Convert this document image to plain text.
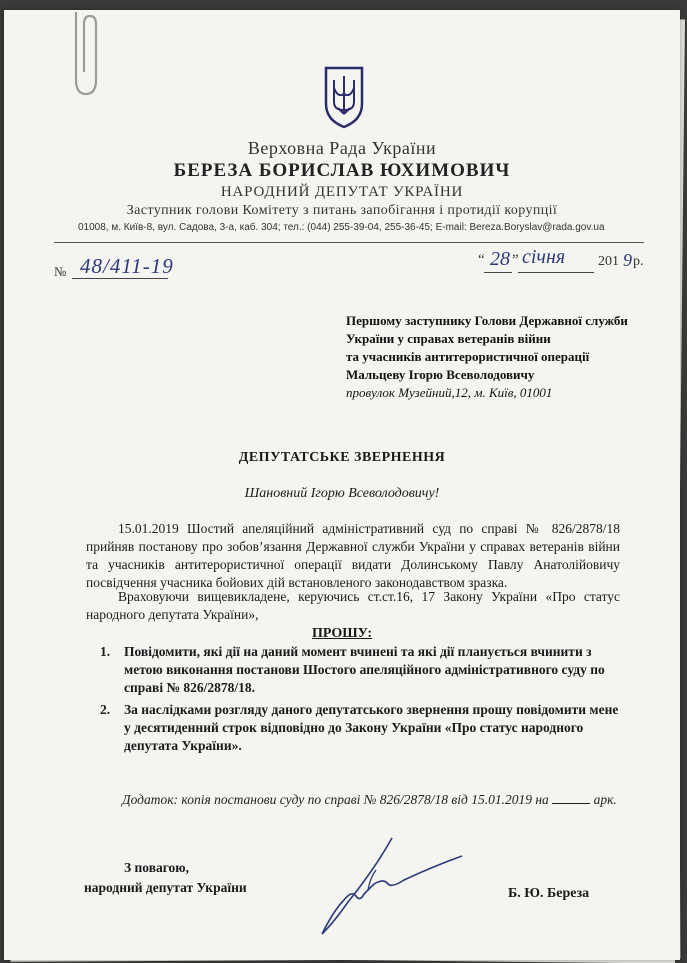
Верховна Рада України
БЕРЕЗА БОРИСЛАВ ЮХИМОВИЧ
НАРОДНИЙ ДЕПУТАТ УКРАЇНИ
Заступник голови Комітету з питань запобігання і протидії корупції
01008, м. Київ-8, вул. Садова, 3-а, каб. 304; тел.: (044) 255-39-04, 255-36-45; E-mail: Bereza.Boryslav@rada.gov.ua
№ 48/411-19	“ 28 ” січня 201 9 р.
Першому заступнику Голови Державної служби
України у справах ветеранів війни
та учасників антитерористичної операції
Мальцеву Ігорю Всеволодовичу
провулок Музейний,12, м. Київ, 01001
ДЕПУТАТСЬКЕ ЗВЕРНЕННЯ
Шановний Ігорю Всеволодовичу!
15.01.2019 Шостий апеляційний адміністративний суд по справі № 826/2878/18 прийняв постанову про зобов’язання Державної служби України у справах ветеранів війни та учасників антитерористичної операції видати Долинському Павлу Анатолійовичу посвідчення учасника бойових дій встановленого законодавством зразка.
Враховуючи вищевикладене, керуючись ст.ст.16, 17 Закону України «Про статус народного депутата України»,
ПРОШУ:
1. Повідомити, які дії на даний момент вчинені та які дії планується вчинити з метою виконання постанови Шостого апеляційного адміністративного суду по справі № 826/2878/18.
2. За наслідками розгляду даного депутатського звернення прошу повідомити мене у десятиденний строк відповідно до Закону України «Про статус народного депутата України».
Додаток: копія постанови суду по справі № 826/2878/18 від 15.01.2019 на	арк.
З повагою,
народний депутат України	Б. Ю. Береза
